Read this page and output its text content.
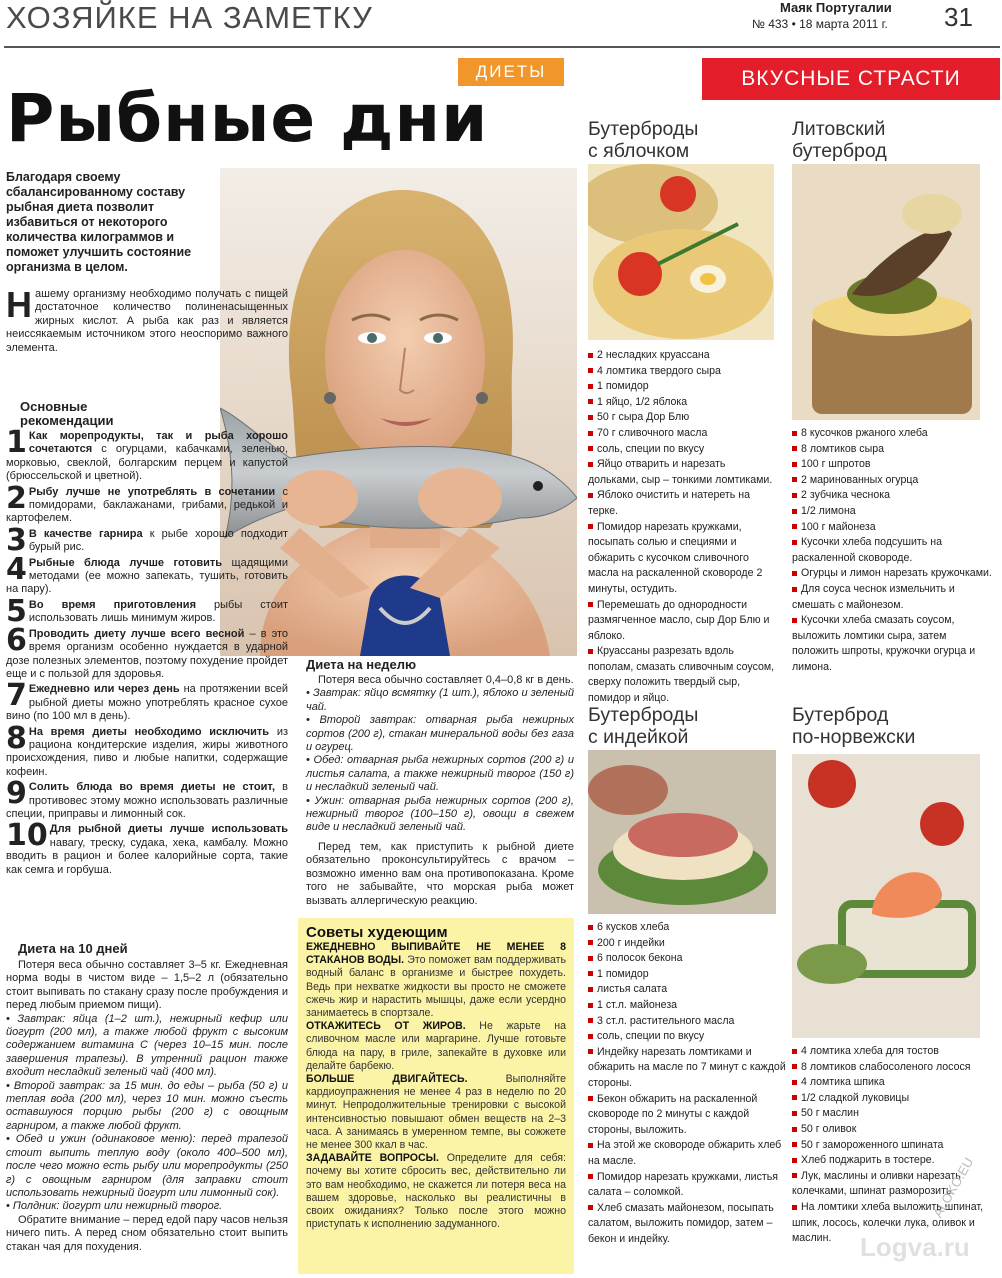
ХОЗЯЙКЕ НА ЗАМЕТКУ	Маяк Португалии
№ 433 • 18 марта 2011 г. 31
ДИЕТЫ	ВКУСНЫЕ СТРАСТИ
Рыбные дни
Благодаря своему сбалансированному составу рыбная диета позволит избавиться от некоторого количества килограммов и поможет улучшить состояние организма в целом.
Нашему организму необходимо получать с пищей достаточное количество полиненасыщенных жирных кислот. А рыба как раз и является неиссякаемым источником этого неоспоримо важного элемента.
Основные рекомендации
1 Как морепродукты, так и рыба хорошо сочетаются с огурцами, кабачками, зеленью, морковью, свеклой, болгарским перцем и капустой (брюссельской и цветной).
2 Рыбу лучше не употреблять в сочетании с помидорами, баклажанами, грибами, редькой и картофелем.
3 В качестве гарнира к рыбе хорошо подходит бурый рис.
4 Рыбные блюда лучше готовить щадящими методами (ее можно запекать, тушить, готовить на пару).
5 Во время приготовления рыбы стоит использовать лишь минимум жиров.
6 Проводить диету лучше всего весной – в это время организм особенно нуждается в ударной дозе полезных элементов, поэтому похудение пройдет еще и с пользой для здоровья.
7 Ежедневно или через день на протяжении всей рыбной диеты можно употреблять красное сухое вино (по 100 мл в день).
8 На время диеты необходимо исключить из рациона кондитерские изделия, жиры животного происхождения, пиво и любые напитки, содержащие кофеин.
9 Солить блюда во время диеты не стоит, в противовес этому можно использовать различные специи, приправы и лимонный сок.
10 Для рыбной диеты лучше использовать навагу, треску, судака, хека, камбалу. Можно вводить в рацион и более калорийные сорта, такие как семга и горбуша.
Диета на 10 дней
Потеря веса обычно составляет 3–5 кг. Ежедневная норма воды в чистом виде – 1,5–2 л (обязательно стоит выпивать по стакану сразу после пробуждения и перед любым приемом пищи).
• Завтрак: яйца (1–2 шт.), нежирный кефир или йогурт (200 мл), а также любой фрукт с высоким содержанием витамина С (через 10–15 мин. после завершения трапезы). В утренний рацион также входит несладкий зеленый чай (400 мл).
• Второй завтрак: за 15 мин. до еды – рыба (50 г) и теплая вода (200 мл), через 10 мин. можно съесть оставшуюся порцию рыбы (200 г) с овощным гарниром, а также любой фрукт.
• Обед и ужин (одинаковое меню): перед трапезой стоит выпить теплую воду (около 400–500 мл), после чего можно есть рыбу или морепродукты (250 г) с овощным гарниром (для заправки стоит использовать нежирный йогурт или лимонный сок).
• Полдник: йогурт или нежирный творог.
Обратите внимание – перед едой пару часов нельзя ничего пить. А перед сном обязательно стоит выпить стакан чая для похудения.
Диета на неделю
Потеря веса обычно составляет 0,4–0,8 кг в день.
• Завтрак: яйцо всмятку (1 шт.), яблоко и зеленый чай.
• Второй завтрак: отварная рыба нежирных сортов (200 г), стакан минеральной воды без газа и огурец.
• Обед: отварная рыба нежирных сортов (200 г) и листья салата, а также нежирный творог (150 г) и несладкий зеленый чай.
• Ужин: отварная рыба нежирных сортов (200 г), нежирный творог (100–150 г), овощи в свежем виде и несладкий зеленый чай.
Перед тем, как приступить к рыбной диете обязательно проконсультируйтесь с врачом – возможно именно вам она противопоказана. Кроме того не забывайте, что морская рыба может вызвать аллергическую реакцию.
Советы худеющим

ЕЖЕДНЕВНО ВЫПИВАЙТЕ НЕ МЕНЕЕ 8 СТАКАНОВ ВОДЫ. Это поможет вам поддерживать водный баланс в организме и быстрее похудеть. Ведь при нехватке жидкости вы просто не сможете сжечь жир и нарастить мышцы, даже если усердно занимаетесь в спортзале.

ОТКАЖИТЕСЬ ОТ ЖИРОВ. Не жарьте на сливочном масле или маргарине. Лучше готовьте блюда на пару, в гриле, запекайте в духовке или делайте барбекю.

БОЛЬШЕ ДВИГАЙТЕСЬ. Выполняйте кардиоупражнения не менее 4 раз в неделю по 20 минут. Непродолжительные тренировки с высокой интенсивностью повышают обмен веществ на 2–3 часа. А занимаясь в умеренном темпе, вы сожжете не менее 300 ккал в час.

ЗАДАВАЙТЕ ВОПРОСЫ. Определите для себя: почему вы хотите сбросить вес, действительно ли это вам необходимо, не скажется ли потеря веса на вашем здоровье, насколько вы реалистичны в своих ожиданиях? Только после этого можно приступать к исполнению задуманного.

Бутерброды
с яблочком
2 несладких круассана
4 ломтика твердого сыра
1 помидор
1 яйцо, 1/2 яблока
50 г сыра Дор Блю
70 г сливочного масла
соль, специи по вкусу
Яйцо отварить и нарезать дольками, сыр – тонкими ломтиками.
Яблоко очистить и натереть на терке.
Помидор нарезать кружками, посыпать солью и специями и обжарить с кусочком сливочного масла на раскаленной сковороде 2 минуты, остудить.
Перемешать до однородности размягченное масло, сыр Дор Блю и яблоко.
Круассаны разрезать вдоль пополам, смазать сливочным соусом, сверху положить твердый сыр, помидор и яйцо.
Литовский
бутерброд
8 кусочков ржаного хлеба
8 ломтиков сыра
100 г шпротов
2 маринованных огурца
2 зубчика чеснока
1/2 лимона
100 г майонеза
Кусочки хлеба подсушить на раскаленной сковороде.
Огурцы и лимон нарезать кружочками.
Для соуса чеснок измельчить и смешать с майонезом.
Кусочки хлеба смазать соусом, выложить ломтики сыра, затем положить шпроты, кружочки огурца и лимона.
Бутерброды
с индейкой
6 кусков хлеба
200 г индейки
6 полосок бекона
1 помидор
листья салата
1 ст.л. майонеза
3 ст.л. растительного масла
соль, специи по вкусу
Индейку нарезать ломтиками и обжарить на масле по 7 минут с каждой стороны.
Бекон обжарить на раскаленной сковороде по 2 минуты с каждой стороны, выложить.
На этой же сковороде обжарить хлеб на масле.
Помидор нарезать кружками, листья салата – соломкой.
Хлеб смазать майонезом, посыпать салатом, выложить помидор, затем – бекон и индейку.
Бутерброд
по-норвежски
4 ломтика хлеба для тостов
8 ломтиков слабосоленого лосося
4 ломтика шпика
1/2 сладкой луковицы
50 г маслин
50 г оливок
50 г замороженного шпината
Хлеб поджарить в тостере.
Лук, маслины и оливки нарезать колечками, шпинат разморозить.
На ломтики хлеба выложить шпинат, шпик, лосось, колечки лука, оливок и маслин.
ALOKO.EU
Logva.ru
